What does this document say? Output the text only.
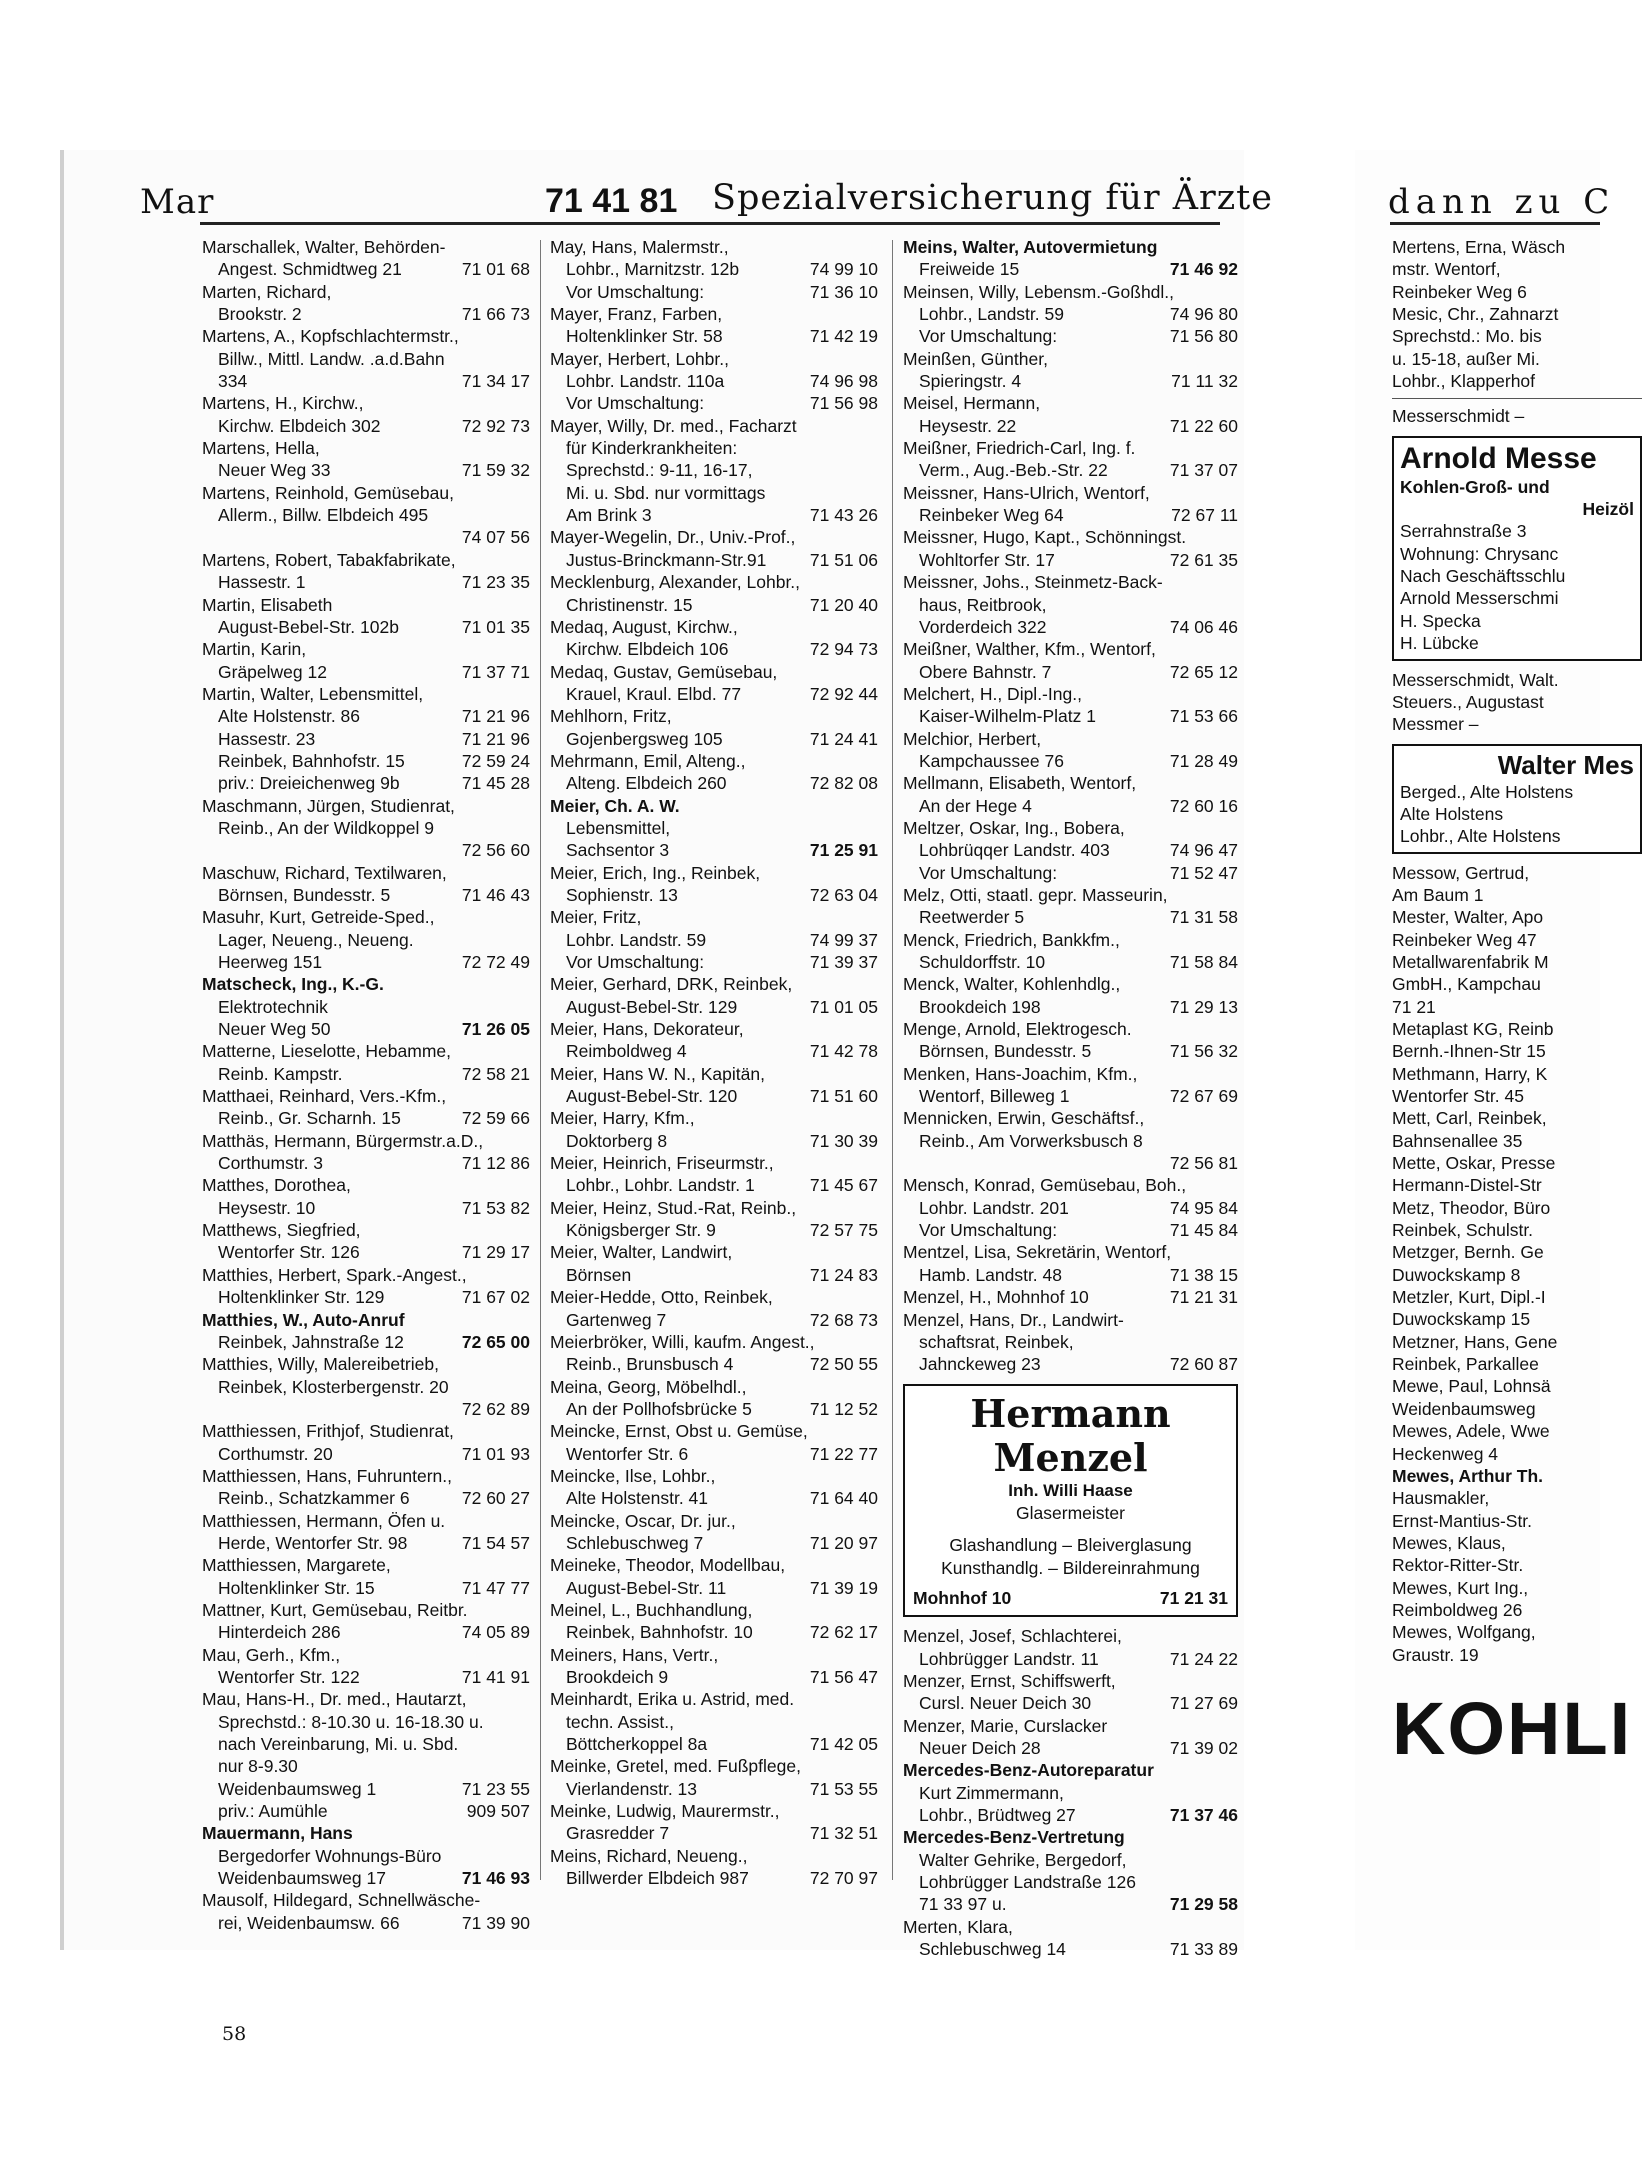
Mar	71 41 81 Spezialversicherung für Ärzte	dann zu C
Marschallek, Walter, Behörden-
Angest. Schmidtweg 21	71 01 68
Marten, Richard,
Brookstr. 2	71 66 73
Martens, A., Kopfschlachtermstr.,
Billw., Mittl. Landw. .a.d.Bahn
334	71 34 17
Martens, H., Kirchw.,
Kirchw. Elbdeich 302	72 92 73
Martens, Hella,
Neuer Weg 33	71 59 32
Martens, Reinhold, Gemüsebau,
Allerm., Billw. Elbdeich 495

74 07 56
Martens, Robert, Tabakfabrikate,
Hassestr. 1	71 23 35
Martin, Elisabeth
August-Bebel-Str. 102b	71 01 35
Martin, Karin,
Gräpelweg 12	71 37 71
Martin, Walter, Lebensmittel,
Alte Holstenstr. 86	71 21 96
Hassestr. 23	71 21 96
Reinbek, Bahnhofstr. 15	72 59 24
priv.: Dreieichenweg 9b	71 45 28
Maschmann, Jürgen, Studienrat,
Reinb., An der Wildkoppel 9

72 56 60
Maschuw, Richard, Textilwaren,
Börnsen, Bundesstr. 5	71 46 43
Masuhr, Kurt, Getreide-Sped.,
Lager, Neueng., Neueng.
Heerweg 151	72 72 49
Matscheck, Ing., K.-G.
Elektrotechnik
Neuer Weg 50	71 26 05
Matterne, Lieselotte, Hebamme,
Reinb. Kampstr.	72 58 21
Matthaei, Reinhard, Vers.-Kfm.,
Reinb., Gr. Scharnh. 15	72 59 66
Matthäs, Hermann, Bürgermstr.a.D.,
Corthumstr. 3	71 12 86
Matthes, Dorothea,
Heysestr. 10	71 53 82
Matthews, Siegfried,
Wentorfer Str. 126	71 29 17
Matthies, Herbert, Spark.-Angest.,
Holtenklinker Str. 129	71 67 02
Matthies, W., Auto-Anruf
Reinbek, Jahnstraße 12	72 65 00
Matthies, Willy, Malereibetrieb,
Reinbek, Klosterbergenstr. 20

72 62 89
Matthiessen, Frithjof, Studienrat,
Corthumstr. 20	71 01 93
Matthiessen, Hans, Fuhruntern.,
Reinb., Schatzkammer 6	72 60 27
Matthiessen, Hermann, Öfen u.
Herde, Wentorfer Str. 98	71 54 57
Matthiessen, Margarete,
Holtenklinker Str. 15	71 47 77
Mattner, Kurt, Gemüsebau, Reitbr.
Hinterdeich 286	74 05 89
Mau, Gerh., Kfm.,
Wentorfer Str. 122	71 41 91
Mau, Hans-H., Dr. med., Hautarzt,
Sprechstd.: 8-10.30 u. 16-18.30 u.
nach Vereinbarung, Mi. u. Sbd.
nur 8-9.30
Weidenbaumsweg 1	71 23 55
priv.: Aumühle	909 507
Mauermann, Hans
Bergedorfer Wohnungs-Büro
Weidenbaumsweg 17	71 46 93
Mausolf, Hildegard, Schnellwäsche-
rei, Weidenbaumsw. 66	71 39 90
May, Hans, Malermstr.,
Lohbr., Marnitzstr. 12b	74 99 10
Vor Umschaltung:	71 36 10
Mayer, Franz, Farben,
Holtenklinker Str. 58	71 42 19
Mayer, Herbert, Lohbr.,
Lohbr. Landstr. 110a	74 96 98
Vor Umschaltung:	71 56 98
Mayer, Willy, Dr. med., Facharzt
für Kinderkrankheiten:
Sprechstd.: 9-11, 16-17,
Mi. u. Sbd. nur vormittags
Am Brink 3	71 43 26
Mayer-Wegelin, Dr., Univ.-Prof.,
Justus-Brinckmann-Str.91	71 51 06
Mecklenburg, Alexander, Lohbr.,
Christinenstr. 15	71 20 40
Medaq, August, Kirchw.,
Kirchw. Elbdeich 106	72 94 73
Medaq, Gustav, Gemüsebau,
Krauel, Kraul. Elbd. 77	72 92 44
Mehlhorn, Fritz,
Gojenbergsweg 105	71 24 41
Mehrmann, Emil, Alteng.,
Alteng. Elbdeich 260	72 82 08
Meier, Ch. A. W.
Lebensmittel,
Sachsentor 3	71 25 91
Meier, Erich, Ing., Reinbek,
Sophienstr. 13	72 63 04
Meier, Fritz,
Lohbr. Landstr. 59	74 99 37
Vor Umschaltung:	71 39 37
Meier, Gerhard, DRK, Reinbek,
August-Bebel-Str. 129	71 01 05
Meier, Hans, Dekorateur,
Reimboldweg 4	71 42 78
Meier, Hans W. N., Kapitän,
August-Bebel-Str. 120	71 51 60
Meier, Harry, Kfm.,
Doktorberg 8	71 30 39
Meier, Heinrich, Friseurmstr.,
Lohbr., Lohbr. Landstr. 1	71 45 67
Meier, Heinz, Stud.-Rat, Reinb.,
Königsberger Str. 9	72 57 75
Meier, Walter, Landwirt,
Börnsen	71 24 83
Meier-Hedde, Otto, Reinbek,
Gartenweg 7	72 68 73
Meierbröker, Willi, kaufm. Angest.,
Reinb., Brunsbusch 4	72 50 55
Meina, Georg, Möbelhdl.,
An der Pollhofsbrücke 5	71 12 52
Meincke, Ernst, Obst u. Gemüse,
Wentorfer Str. 6	71 22 77
Meincke, Ilse, Lohbr.,
Alte Holstenstr. 41	71 64 40
Meincke, Oscar, Dr. jur.,
Schlebuschweg 7	71 20 97
Meineke, Theodor, Modellbau,
August-Bebel-Str. 11	71 39 19
Meinel, L., Buchhandlung,
Reinbek, Bahnhofstr. 10	72 62 17
Meiners, Hans, Vertr.,
Brookdeich 9	71 56 47
Meinhardt, Erika u. Astrid, med.
techn. Assist.,
Böttcherkoppel 8a	71 42 05
Meinke, Gretel, med. Fußpflege,
Vierlandenstr. 13	71 53 55
Meinke, Ludwig, Maurermstr.,
Grasredder 7	71 32 51
Meins, Richard, Neueng.,
Billwerder Elbdeich 987	72 70 97
Meins, Walter, Autovermietung
Freiweide 15	71 46 92
Meinsen, Willy, Lebensm.-Goßhdl.,
Lohbr., Landstr. 59	74 96 80
Vor Umschaltung:	71 56 80
Meinßen, Günther,
Spieringstr. 4	71 11 32
Meisel, Hermann,
Heysestr. 22	71 22 60
Meißner, Friedrich-Carl, Ing. f.
Verm., Aug.-Beb.-Str. 22	71 37 07
Meissner, Hans-Ulrich, Wentorf,
Reinbeker Weg 64	72 67 11
Meissner, Hugo, Kapt., Schönningst.
Wohltorfer Str. 17	72 61 35
Meissner, Johs., Steinmetz-Back-
haus, Reitbrook,
Vorderdeich 322	74 06 46
Meißner, Walther, Kfm., Wentorf,
Obere Bahnstr. 7	72 65 12
Melchert, H., Dipl.-Ing.,
Kaiser-Wilhelm-Platz 1	71 53 66
Melchior, Herbert,
Kampchaussee 76	71 28 49
Mellmann, Elisabeth, Wentorf,
An der Hege 4	72 60 16
Meltzer, Oskar, Ing., Bobera,
Lohbrüqqer Landstr. 403	74 96 47
Vor Umschaltung:	71 52 47
Melz, Otti, staatl. gepr. Masseurin,
Reetwerder 5	71 31 58
Menck, Friedrich, Bankkfm.,
Schuldorffstr. 10	71 58 84
Menck, Walter, Kohlenhdlg.,
Brookdeich 198	71 29 13
Menge, Arnold, Elektrogesch.
Börnsen, Bundesstr. 5	71 56 32
Menken, Hans-Joachim, Kfm.,
Wentorf, Billeweg 1	72 67 69
Mennicken, Erwin, Geschäftsf.,
Reinb., Am Vorwerksbusch 8

72 56 81
Mensch, Konrad, Gemüsebau, Boh.,
Lohbr. Landstr. 201	74 95 84
Vor Umschaltung:	71 45 84
Mentzel, Lisa, Sekretärin, Wentorf,
Hamb. Landstr. 48	71 38 15
Menzel, H., Mohnhof 10	71 21 31
Menzel, Hans, Dr., Landwirt-
schaftsrat, Reinbek,
Jahnckeweg 23	72 60 87
Hermann Menzel
Inh. Willi Haase
Glasermeister
Glashandlung – Bleiverglasung
Kunsthandlg. – Bildereinrahmung
Mohnhof 10	71 21 31
Menzel, Josef, Schlachterei,
Lohbrügger Landstr. 11	71 24 22
Menzer, Ernst, Schiffswerft,
Cursl. Neuer Deich 30	71 27 69
Menzer, Marie, Curslacker
Neuer Deich 28	71 39 02
Mercedes-Benz-Autoreparatur
Kurt Zimmermann,
Lohbr., Brüdtweg 27	71 37 46
Mercedes-Benz-Vertretung
Walter Gehrike, Bergedorf,
Lohbrügger Landstraße 126
71 33 97 u.	71 29 58
Merten, Klara,
Schlebuschweg 14	71 33 89
Mertens, Erna, Wäsch
mstr. Wentorf,
Reinbeker Weg 6
Mesic, Chr., Zahnarzt
Sprechstd.: Mo. bis
u. 15-18, außer Mi.
Lohbr., Klapperhof
Messerschmidt –
Arnold Messe
Kohlen-Groß- und
Heizöl
Serrahnstraße 3
Wohnung: Chrysanc
Nach Geschäftsschlu
Arnold Messerschmi
H. Specka
H. Lübcke
Messerschmidt, Walt.
Steuers., Augustast
Messmer –
Walter Mes
Berged., Alte Holstens
Alte Holstens
Lohbr., Alte Holstens
Messow, Gertrud,
Am Baum 1
Mester, Walter, Apo
Reinbeker Weg 47
Metallwarenfabrik M
GmbH., Kampchau
71 21
Metaplast KG, Reinb
Bernh.-Ihnen-Str 15
Methmann, Harry, K
Wentorfer Str. 45
Mett, Carl, Reinbek,
Bahnsenallee 35
Mette, Oskar, Presse
Hermann-Distel-Str
Metz, Theodor, Büro
Reinbek, Schulstr.
Metzger, Bernh. Ge
Duwockskamp 8
Metzler, Kurt, Dipl.-I
Duwockskamp 15
Metzner, Hans, Gene
Reinbek, Parkallee
Mewe, Paul, Lohnsä
Weidenbaumsweg
Mewes, Adele, Wwe
Heckenweg 4
Mewes, Arthur Th.
Hausmakler,
Ernst-Mantius-Str.
Mewes, Klaus,
Rektor-Ritter-Str.
Mewes, Kurt Ing.,
Reimboldweg 26
Mewes, Wolfgang,
Graustr. 19
KOHLI
58
